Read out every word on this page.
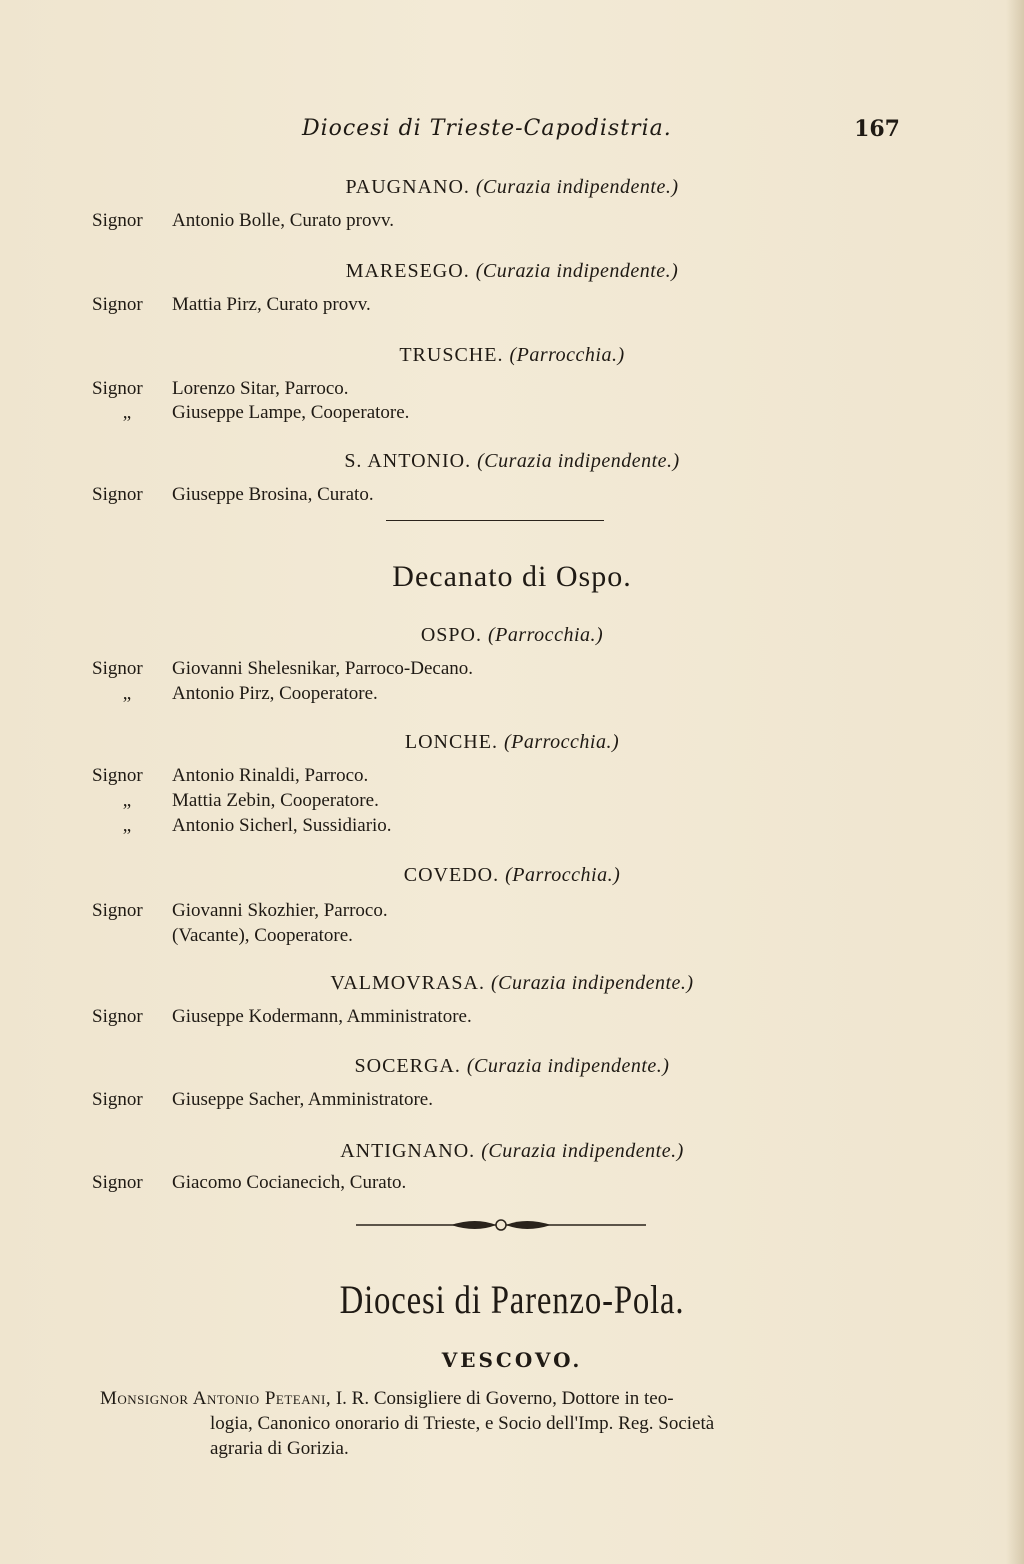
Diocesi di Trieste-Capodistria.	167
PAUGNANO. (Curazia indipendente.)
Signor Antonio Bolle, Curato provv.
MARESEGO. (Curazia indipendente.)
Signor Mattia Pirz, Curato provv.
TRUSCHE. (Parrocchia.)
Signor Lorenzo Sitar, Parroco.
„ Giuseppe Lampe, Cooperatore.
S. ANTONIO. (Curazia indipendente.)
Signor Giuseppe Brosina, Curato.
Decanato di Ospo.
OSPO. (Parrocchia.)
Signor Giovanni Shelesnikar, Parroco-Decano.
„ Antonio Pirz, Cooperatore.
LONCHE. (Parrocchia.)
Signor Antonio Rinaldi, Parroco.
„ Mattia Zebin, Cooperatore.
„ Antonio Sicherl, Sussidiario.
COVEDO. (Parrocchia.)
Signor Giovanni Skozhier, Parroco.
(Vacante), Cooperatore.
VALMOVRASA. (Curazia indipendente.)
Signor Giuseppe Kodermann, Amministratore.
SOCERGA. (Curazia indipendente.)
Signor Giuseppe Sacher, Amministratore.
ANTIGNANO. (Curazia indipendente.)
Signor Giacomo Cocianecich, Curato.
Diocesi di Parenzo-Pola.
VESCOVO.
Monsignor Antonio Peteani, I. R. Consigliere di Governo, Dottore in teo-
logia, Canonico onorario di Trieste, e Socio dell'Imp. Reg. Società
agraria di Gorizia.
